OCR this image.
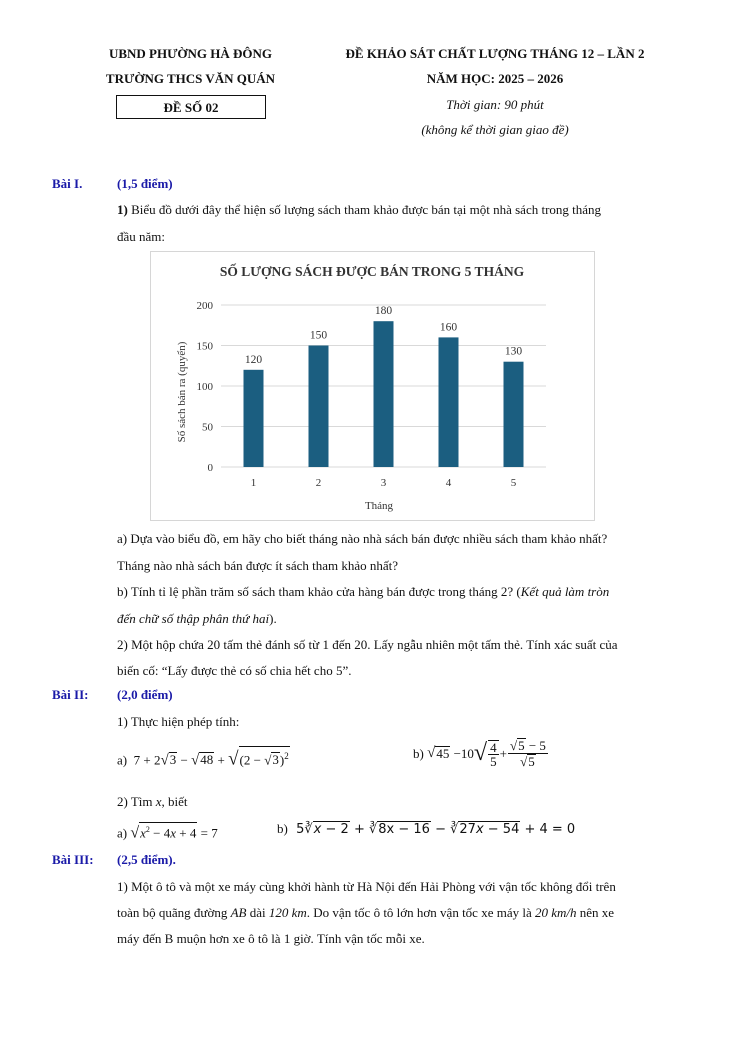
UBND PHƯỜNG HÀ ĐÔNG
TRƯỜNG THCS VĂN QUÁN
ĐỀ SỐ 02
ĐỀ KHẢO SÁT CHẤT LƯỢNG THÁNG 12 – LẦN 2
NĂM HỌC: 2025 – 2026
Thời gian: 90 phút
(không kể thời gian giao đề)
Bài I.	(1,5 điểm)
1) Biểu đồ dưới đây thể hiện số lượng sách tham khảo được bán tại một nhà sách trong tháng
đầu năm:
SỐ LƯỢNG SÁCH ĐƯỢC BÁN TRONG 5 THÁNG
0
50
100
150
200
120
1
150
2
180
3
160
4
130
5
Tháng
Số sách bán ra (quyển)
a) Dựa vào biểu đồ, em hãy cho biết tháng nào nhà sách bán được nhiều sách tham khảo nhất?
Tháng nào nhà sách bán được ít sách tham khảo nhất?
b) Tính tỉ lệ phần trăm số sách tham khảo cửa hàng bán được trong tháng 2? (Kết quả làm tròn
đến chữ số thập phân thứ hai).
2) Một hộp chứa 20 tấm thẻ đánh số từ 1 đến 20. Lấy ngẫu nhiên một tấm thẻ. Tính xác suất của
biến cố: “Lấy được thẻ có số chia hết cho 5”.
Bài II: (2,0 điểm)
1) Thực hiện phép tính:
a)  $7 + 2√3 - √48 + √(2 - √3)^2$	b)
√ 45 −10 √ $\frac{4}{5} + \frac{√5 - 5}{√5}$
2) Tìm x, biết
a) $√x^2 - 4x + 4 = 7$	b)  5∛x − 2 + ∛8x − 16 − ∛27x − 54 + 4 = 0
Bài III: (2,5 điểm).
1) Một ô tô và một xe máy cùng khởi hành từ Hà Nội đến Hải Phòng với vận tốc không đổi trên
toàn bộ quãng đường AB dài 120 km. Do vận tốc ô tô lớn hơn vận tốc xe máy là 20 km/h nên xe
máy đến B muộn hơn xe ô tô là 1 giờ. Tính vận tốc mỗi xe.
